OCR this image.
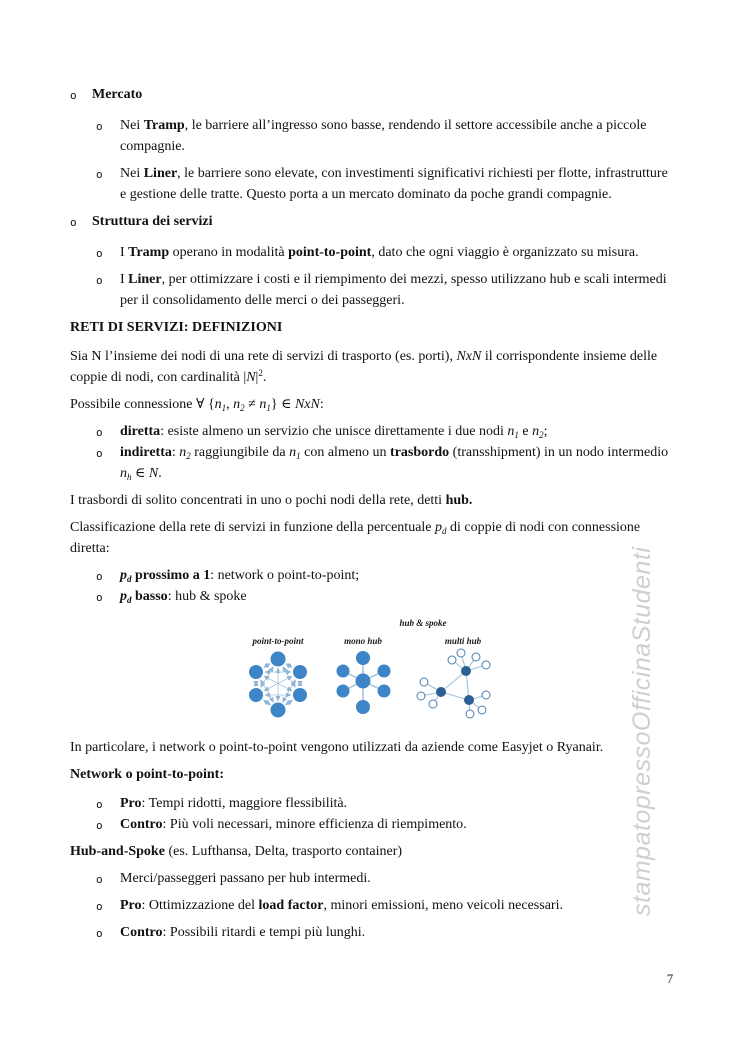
o Mercato
o Nei Tramp, le barriere all’ingresso sono basse, rendendo il settore accessibile anche a piccole compagnie.
o Nei Liner, le barriere sono elevate, con investimenti significativi richiesti per flotte, infrastrutture e gestione delle tratte. Questo porta a un mercato dominato da poche grandi compagnie.
o Struttura dei servizi
o I Tramp operano in modalità point-to-point, dato che ogni viaggio è organizzato su misura.
o I Liner, per ottimizzare i costi e il riempimento dei mezzi, spesso utilizzano hub e scali intermedi per il consolidamento delle merci o dei passeggeri.
RETI DI SERVIZI: DEFINIZIONI
Sia N l’insieme dei nodi di una rete di servizi di trasporto (es. porti), NxN il corrispondente insieme delle coppie di nodi, con cardinalità $|N|^2$.
Possibile connessione ∀ {$n_1$, $n_2 \ne n_1$} ∈ NxN:
o diretta: esiste almeno un servizio che unisce direttamente i due nodi $n_1$ e $n_2$;
o indiretta: $n_2$ raggiungibile da $n_1$ con almeno un trasbordo (transshipment) in un nodo intermedio $n_h$ ∈ N.
I trasbordi di solito concentrati in uno o pochi nodi della rete, detti hub.
Classificazione della rete di servizi in funzione della percentuale $p_d$ di coppie di nodi con connessione diretta:
o $p_d$ prossimo a 1: network o point-to-point;
o $p_d$ basso: hub & spoke
hub & spoke
point-to-point	mono hub	multi hub
In particolare, i network o point-to-point vengono utilizzati da aziende come Easyjet o Ryanair.
Network o point-to-point:
o Pro: Tempi ridotti, maggiore flessibilità.
o Contro: Più voli necessari, minore efficienza di riempimento.
Hub-and-Spoke (es. Lufthansa, Delta, trasporto container)
o Merci/passeggeri passano per hub intermedi.
o Pro: Ottimizzazione del load factor, minori emissioni, meno veicoli necessari.
o Contro: Possibili ritardi e tempi più lunghi.
stampatopressoOfficinaStudenti
7
